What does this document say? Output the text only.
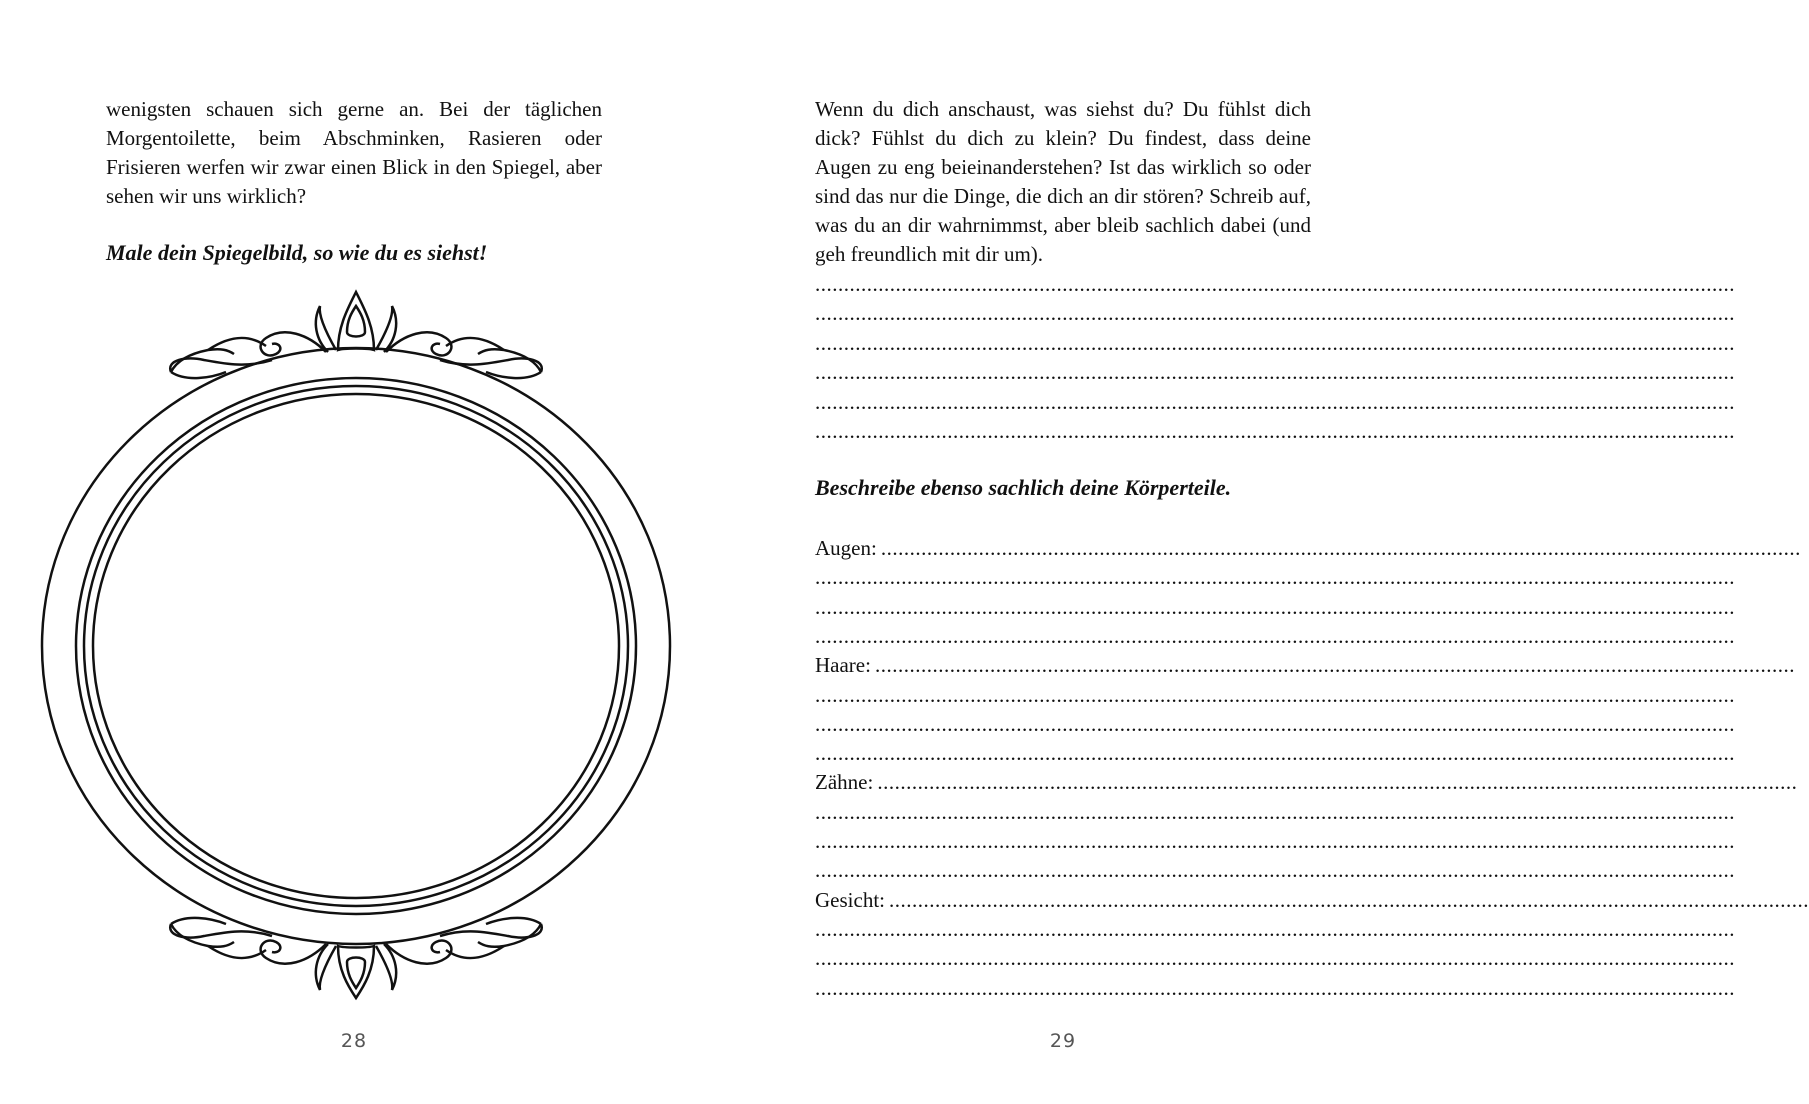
wenigsten schauen sich gerne an. Bei der täglichen Morgentoilette, beim Abschminken, Rasieren oder Frisieren werfen wir zwar einen Blick in den Spiegel, aber sehen wir uns wirklich?

Male dein Spiegelbild, so wie du es siehst!

28

Wenn du dich anschaust, was siehst du? Du fühlst dich dick? Fühlst du dich zu klein? Du findest, dass deine Augen zu eng beieinanderstehen? Ist das wirklich so oder sind das nur die Dinge, die dich an dir stören? Schreib auf, was du an dir wahrnimmst, aber bleib sachlich dabei (und geh freundlich mit dir um).

................................................................................................................................................................
................................................................................................................................................................
................................................................................................................................................................
................................................................................................................................................................
................................................................................................................................................................
................................................................................................................................................................

Beschreibe ebenso sachlich deine Körperteile.

Augen: ................................................................................................................................................................
................................................................................................................................................................
................................................................................................................................................................
................................................................................................................................................................
Haare: ................................................................................................................................................................
................................................................................................................................................................
................................................................................................................................................................
................................................................................................................................................................
Zähne: ................................................................................................................................................................
................................................................................................................................................................
................................................................................................................................................................
................................................................................................................................................................
Gesicht: ................................................................................................................................................................
................................................................................................................................................................
................................................................................................................................................................
................................................................................................................................................................
29
